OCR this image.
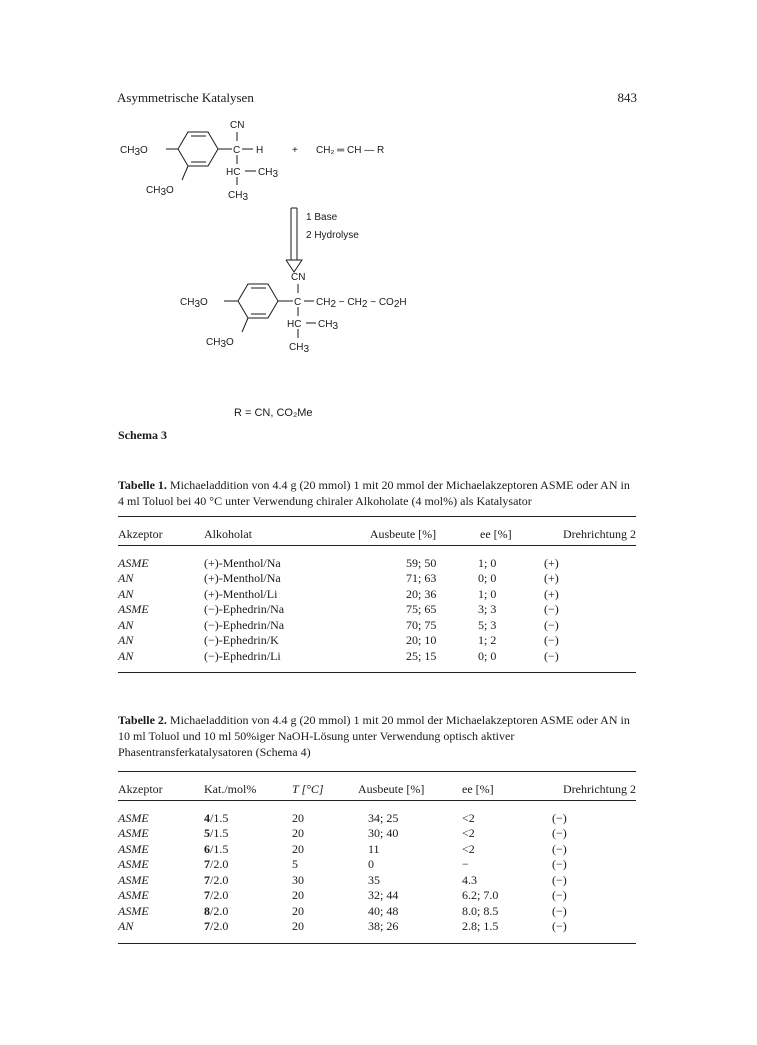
Asymmetrische Katalysen	843
CN
C H
HC CH3
CH3
CH3O
CH3O
+ CH₂ ═ CH — R
1 Base
2 Hydrolyse
CN
C CH2 − CH2 − CO2H
HC CH3
CH3
CH3O
CH3O
R = CN, CO₂Me
Schema 3
Tabelle 1. Michaeladdition von 4.4 g (20 mmol) 1 mit 20 mmol der Michaelakzeptoren ASME oder AN in 4 ml Toluol bei 40 °C unter Verwendung chiraler Alkoholate (4 mol%) als Katalysator
Akzeptor	Alkoholat	Ausbeute [%]	ee [%]	Drehrichtung 2
ASME	(+)-Menthol/Na	59; 50	1; 0	(+)
AN	(+)-Menthol/Na	71; 63	0; 0	(+)
AN	(+)-Menthol/Li	20; 36	1; 0	(+)
ASME	(−)-Ephedrin/Na	75; 65	3; 3	(−)
AN	(−)-Ephedrin/Na	70; 75	5; 3	(−)
AN	(−)-Ephedrin/K	20; 10	1; 2	(−)
AN	(−)-Ephedrin/Li	25; 15	0; 0	(−)
Tabelle 2. Michaeladdition von 4.4 g (20 mmol) 1 mit 20 mmol der Michaelakzeptoren ASME oder AN in 10 ml Toluol und 10 ml 50%iger NaOH-Lösung unter Verwendung optisch aktiver Phasentransferkatalysatoren (Schema 4)
Akzeptor	Kat./mol%	T [°C]	Ausbeute [%]	ee [%]	Drehrichtung 2
ASME	4/1.5	20	34; 25	<2	(−)
ASME	5/1.5	20	30; 40	<2	(−)
ASME	6/1.5	20	11	<2	(−)
ASME	7/2.0	5	0	−	(−)
ASME	7/2.0	30	35	4.3	(−)
ASME	7/2.0	20	32; 44	6.2; 7.0	(−)
ASME	8/2.0	20	40; 48	8.0; 8.5	(−)
AN	7/2.0	20	38; 26	2.8; 1.5	(−)
